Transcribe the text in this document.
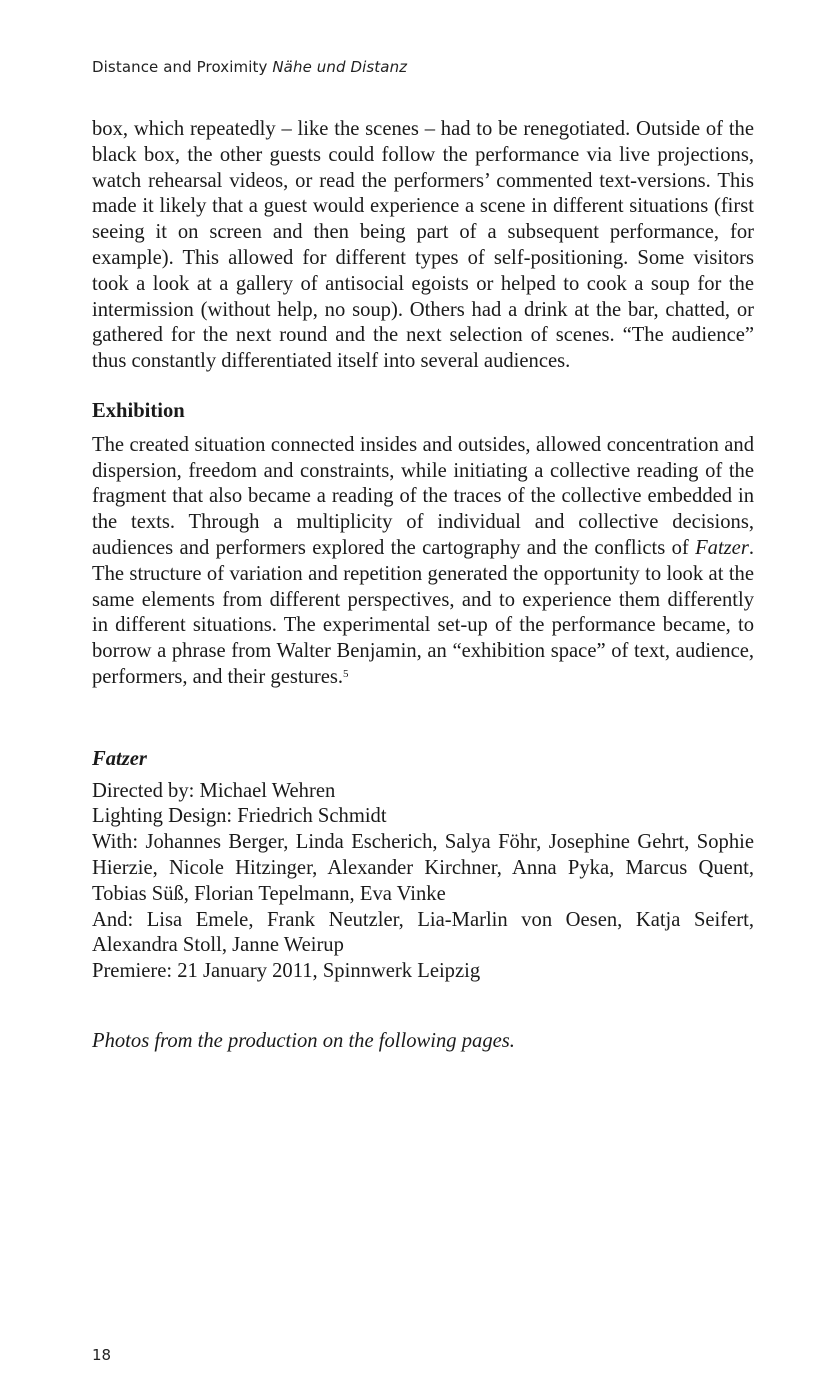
Distance and Proximity Nähe und Distanz

box, which repeatedly – like the scenes – had to be renegotiated. Outside of the black box, the other guests could follow the performance via live projections, watch rehearsal videos, or read the performers’ commented text-versions. This made it likely that a guest would experience a scene in different situations (first seeing it on screen and then being part of a subsequent performance, for example). This allowed for different types of self-positioning. Some visitors took a look at a gallery of antisocial egoists or helped to cook a soup for the intermission (without help, no soup). Others had a drink at the bar, chatted, or gathered for the next round and the next selection of scenes. “The audience” thus constantly differentiated itself into several audiences.

Exhibition

The created situation connected insides and outsides, allowed concentration and dispersion, freedom and constraints, while initiating a collective reading of the fragment that also became a reading of the traces of the collective embedded in the texts. Through a multiplicity of individual and collective decisions, audiences and performers explored the cartography and the conflicts of Fatzer. The structure of variation and repetition generated the opportunity to look at the same elements from different perspectives, and to experience them differently in different situations. The experimental set-up of the performance became, to borrow a phrase from Walter Benjamin, an “exhibition space” of text, audience, performers, and their gestures.$^5$

Fatzer

Directed by: Michael Wehren

Lighting Design: Friedrich Schmidt

With: Johannes Berger, Linda Escherich, Salya Föhr, Josephine Gehrt, Sophie Hierzie, Nicole Hitzinger, Alexander Kirchner, Anna Pyka, Marcus Quent, Tobias Süß, Florian Tepelmann, Eva Vinke

And: Lisa Emele, Frank Neutzler, Lia-Marlin von Oesen, Katja Seifert, Alexandra Stoll, Janne Weirup

Premiere: 21 January 2011, Spinnwerk Leipzig

Photos from the production on the following pages.

18
